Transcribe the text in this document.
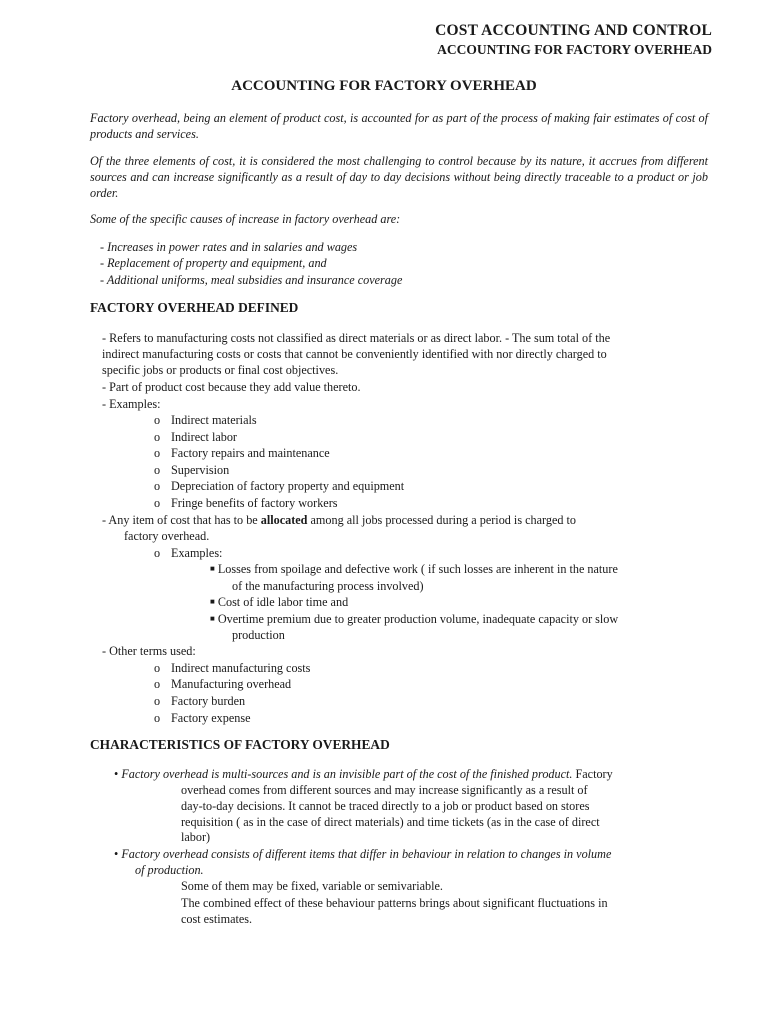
COST ACCOUNTING AND CONTROL
ACCOUNTING FOR FACTORY OVERHEAD
ACCOUNTING FOR FACTORY OVERHEAD
Factory overhead, being an element of product cost, is accounted for as part of the process of making fair estimates of cost of products and services.
Of the three elements of cost, it is considered the most challenging to control because by its nature, it accrues from different sources and can increase significantly as a result of day to day decisions without being directly traceable to a product or job order.
Some of the specific causes of increase in factory overhead are:
- Increases in power rates and in salaries and wages
- Replacement of property and equipment, and
- Additional uniforms, meal subsidies and insurance coverage
FACTORY OVERHEAD DEFINED
- Refers to manufacturing costs not classified as direct materials or as direct labor. - The sum total of the
indirect manufacturing costs or costs that cannot be conveniently identified with nor directly charged to
specific jobs or products or final cost objectives.
- Part of product cost because they add value thereto.
- Examples:
o Indirect materials
o Indirect labor
o Factory repairs and maintenance
o Supervision
o Depreciation of factory property and equipment
o Fringe benefits of factory workers
- Any item of cost that has to be allocated among all jobs processed during a period is charged to
factory overhead.
o Examples:
■ Losses from spoilage and defective work ( if such losses are inherent in the nature
of the manufacturing process involved)
■ Cost of idle labor time and
■ Overtime premium due to greater production volume, inadequate capacity or slow
production
- Other terms used:
o Indirect manufacturing costs
o Manufacturing overhead
o Factory burden
o Factory expense
CHARACTERISTICS OF FACTORY OVERHEAD
• Factory overhead is multi-sources and is an invisible part of the cost of the finished product. Factory
overhead comes from different sources and may increase significantly as a result of
day-to-day decisions. It cannot be traced directly to a job or product based on stores
requisition ( as in the case of direct materials) and time tickets (as in the case of direct
labor)
• Factory overhead consists of different items that differ in behaviour in relation to changes in volume
of production.
Some of them may be fixed, variable or semivariable.
The combined effect of these behaviour patterns brings about significant fluctuations in
cost estimates.
